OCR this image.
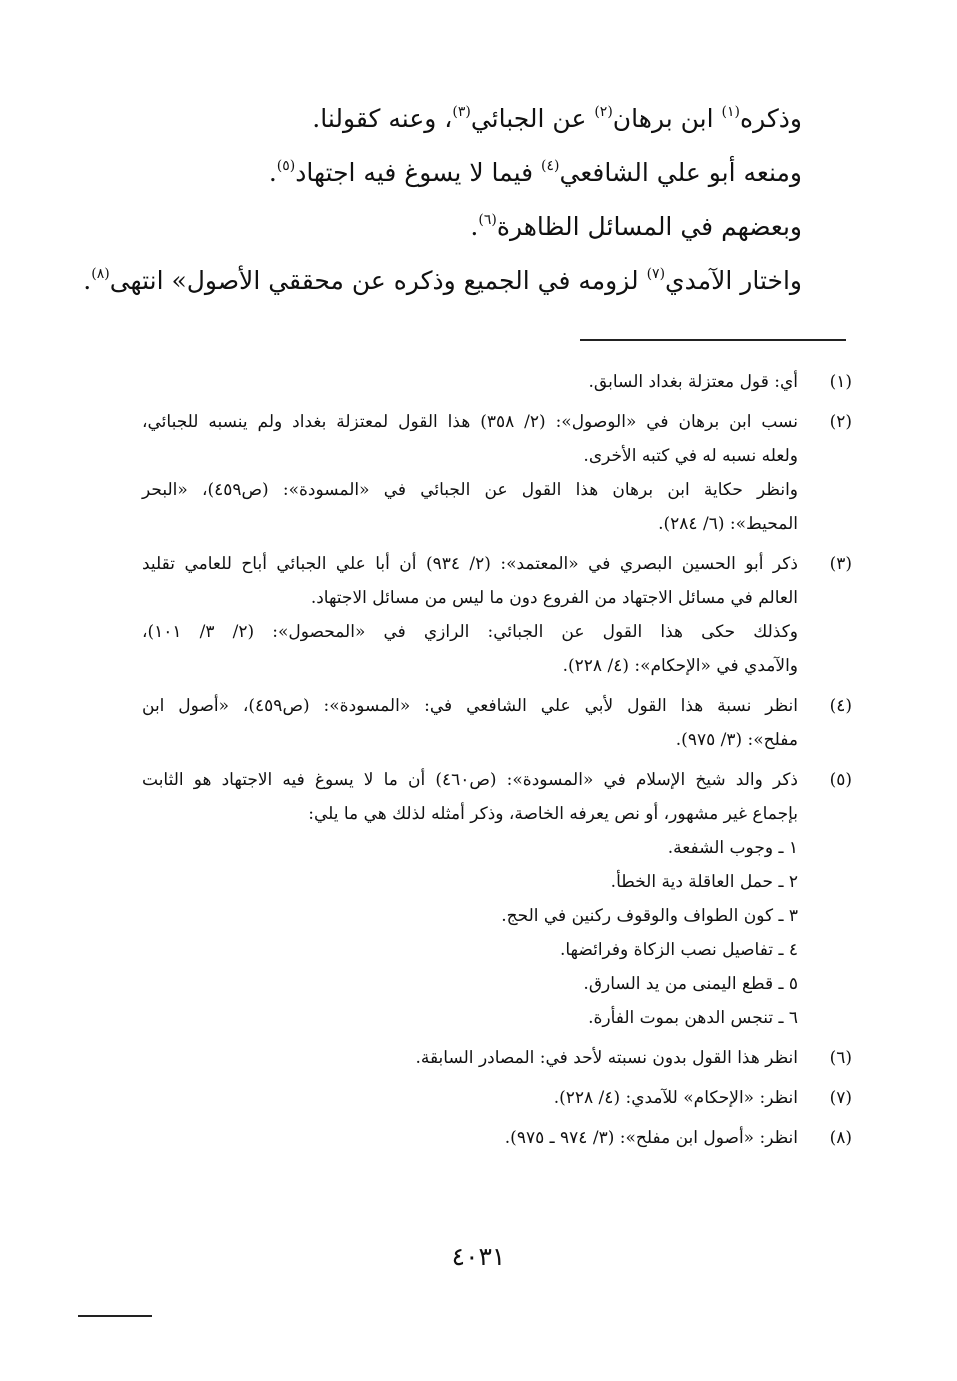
وذكره$^{(١)}$ ابن برهان$^{(٢)}$ عن الجبائي$^{(٣)}$، وعنه كقولنا.

ومنعه أبو علي الشافعي$^{(٤)}$ فيما لا يسوغ فيه اجتهاد$^{(٥)}$.

وبعضهم في المسائل الظاهرة$^{(٦)}$.

واختار الآمدي$^{(٧)}$ لزومه في الجميع وذكره عن محققي الأصول» انتهى$^{(٨)}$.

(١)
أي: قول معتزلة بغداد السابق.
(٢)
نسب ابن برهان في «الوصول»: (٢/ ٣٥٨) هذا القول لمعتزلة بغداد ولم ينسبه للجبائي،
ولعله نسبه له في كتبه الأخرى.
وانظر حكاية ابن برهان هذا القول عن الجبائي في «المسودة»: (ص٤٥٩)، «البحر
المحيط»: (٦/ ٢٨٤).
(٣)
ذكر أبو الحسين البصري في «المعتمد»: (٢/ ٩٣٤) أن أبا علي الجبائي أباح للعامي تقليد
العالم في مسائل الاجتهاد من الفروع دون ما ليس من مسائل الاجتهاد.
وكذلك حكى هذا القول عن الجبائي: الرازي في «المحصول»: (٢/ ٣/ ١٠١)،
والآمدي في «الإحكام»: (٤/ ٢٢٨).
(٤)
انظر نسبة هذا القول لأبي علي الشافعي في: «المسودة»: (ص٤٥٩)، «أصول ابن
مفلح»: (٣/ ٩٧٥).
(٥)
ذكر والد شيخ الإسلام في «المسودة»: (ص٤٦٠) أن ما لا يسوغ فيه الاجتهاد هو الثابت
بإجماع غير مشهور، أو نص يعرفه الخاصة، وذكر أمثله لذلك هي ما يلي:
١ ـ وجوب الشفعة.
٢ ـ حمل العاقلة دية الخطأ.
٣ ـ كون الطواف والوقوف ركنين في الحج.
٤ ـ تفاصيل نصب الزكاة وفرائضها.
٥ ـ قطع اليمنى من يد السارق.
٦ ـ تنجس الدهن بموت الفأرة.
(٦)
انظر هذا القول بدون نسبته لأحد في: المصادر السابقة.
(٧)
انظر: «الإحكام» للآمدي: (٤/ ٢٢٨).
(٨)
انظر: «أصول ابن مفلح»: (٣/ ٩٧٤ ـ ٩٧٥).
٤٠٣١
